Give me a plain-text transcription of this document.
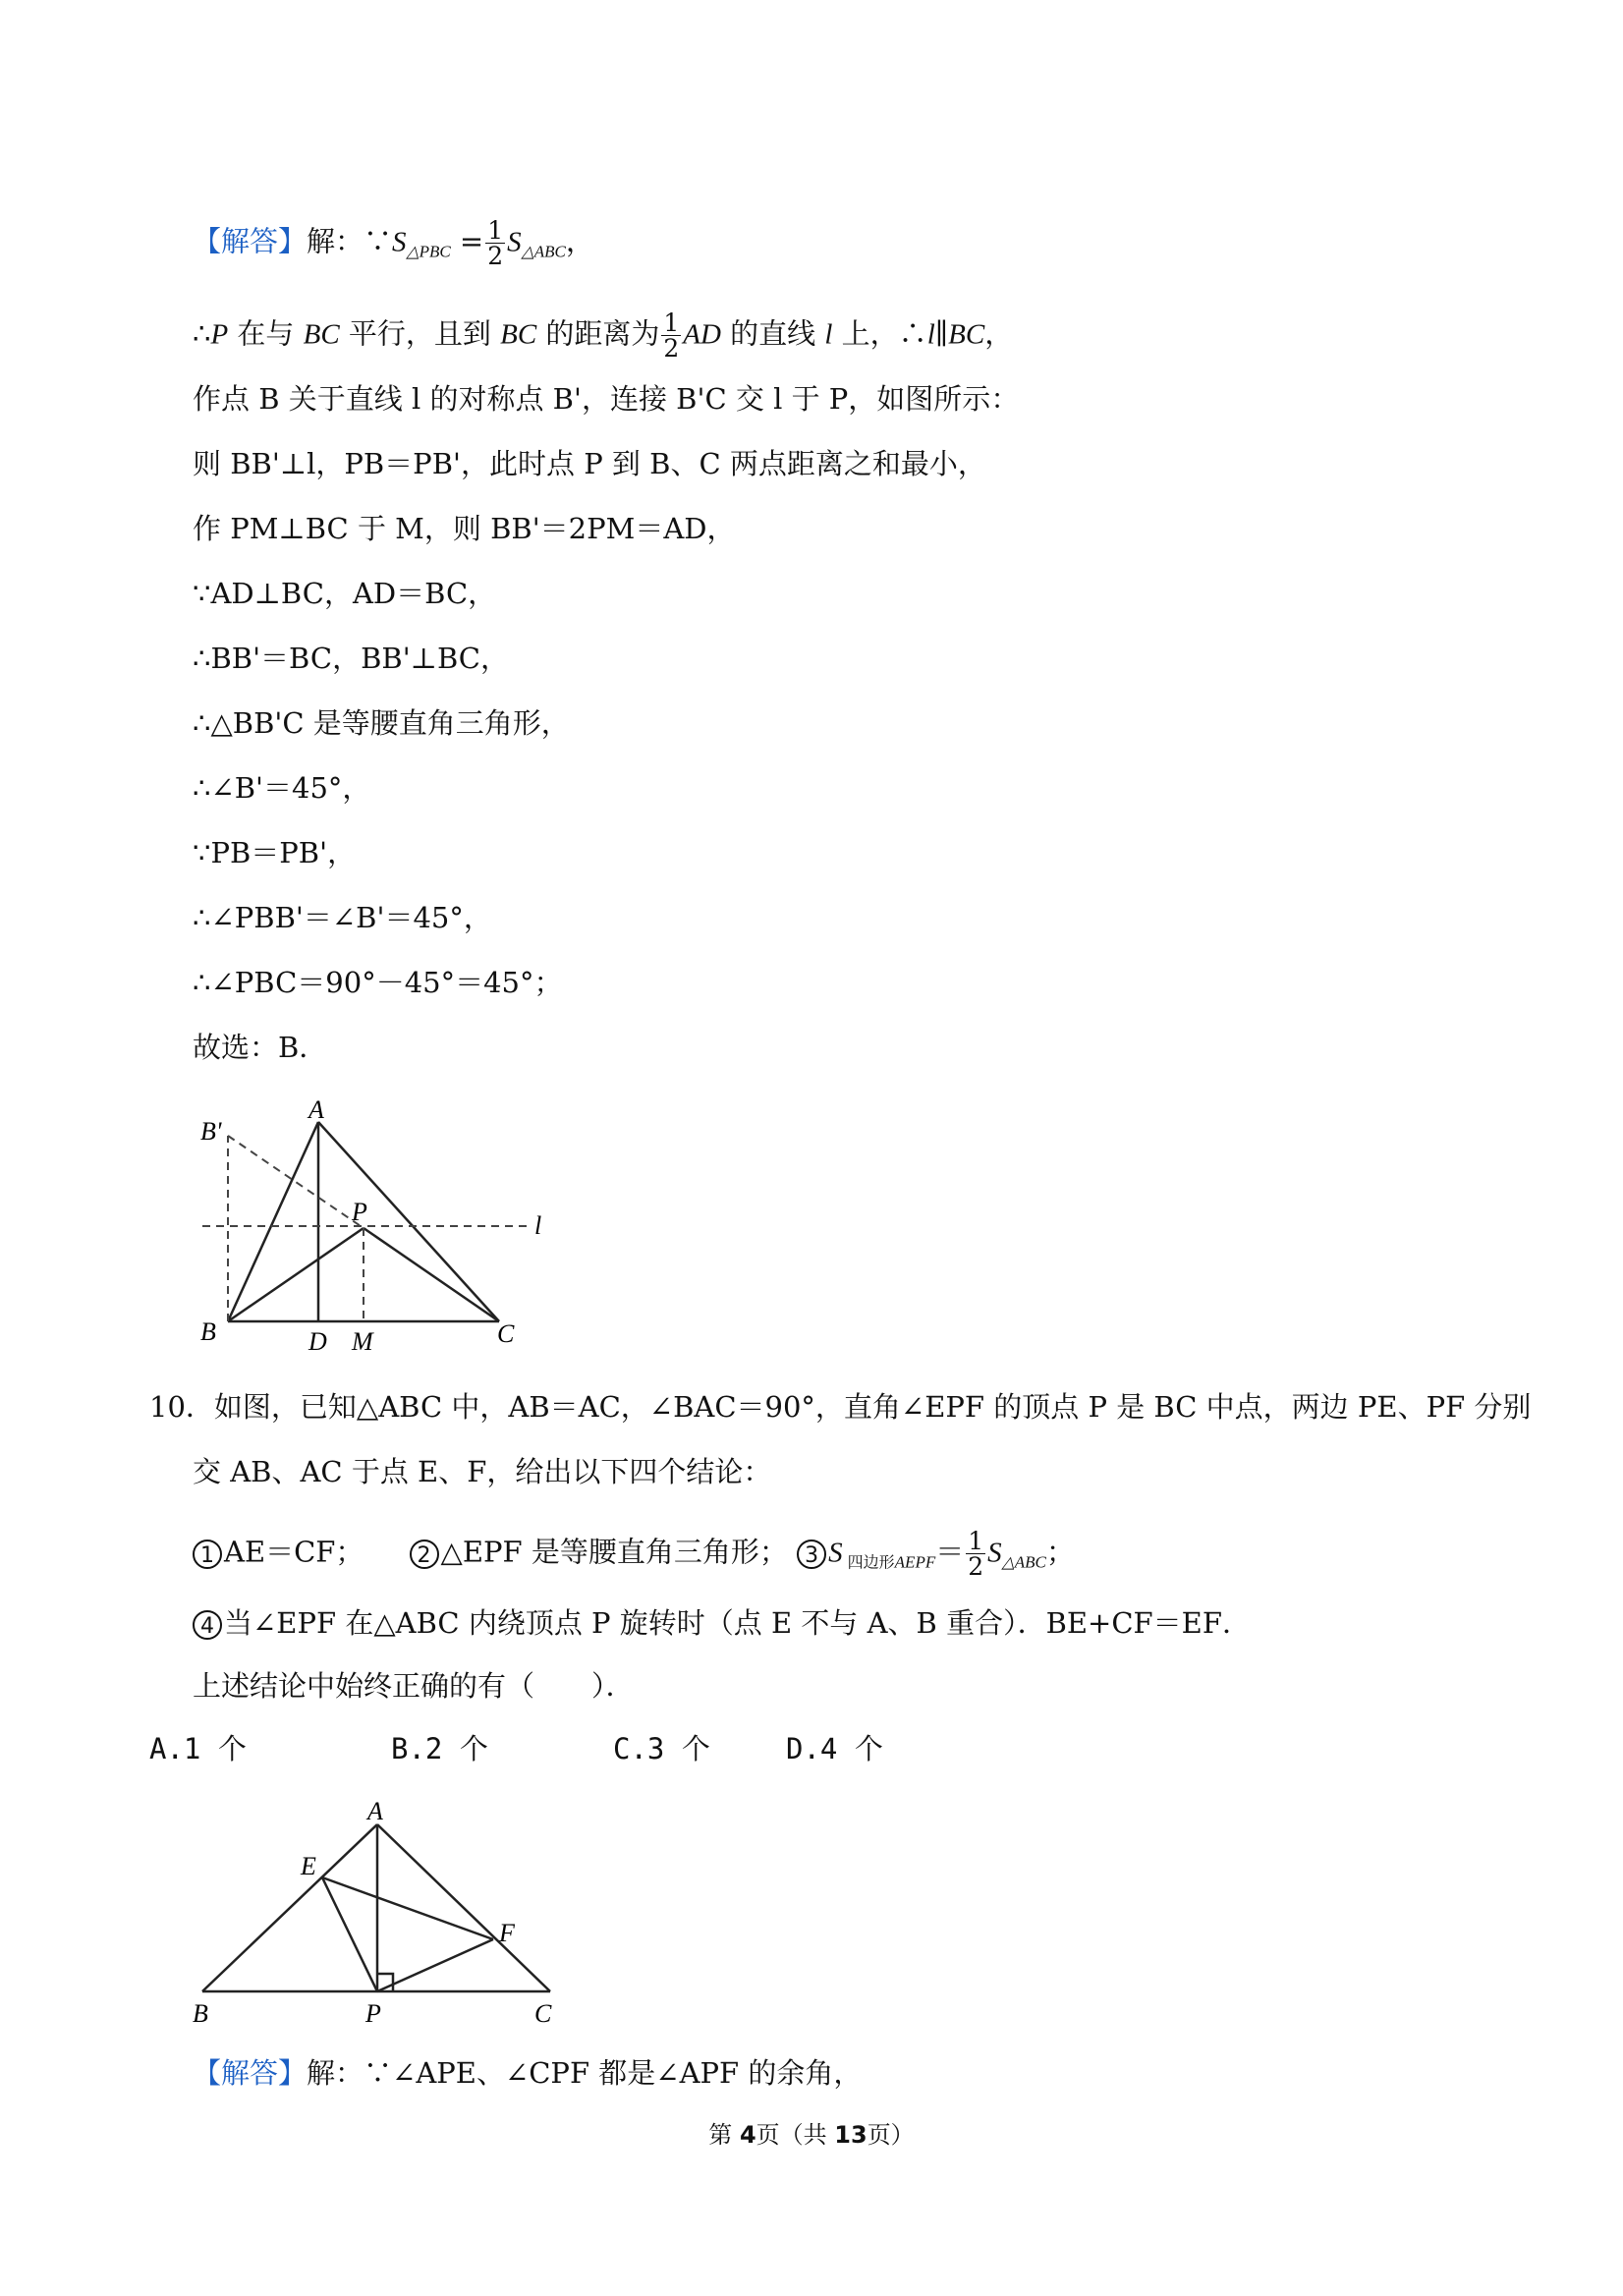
【解答】解：$\because S_{\triangle PBC} = \frac{1}{2} S_{\triangle ABC}$，
∴P 在与 BC 平行，且到 BC 的距离为 $\frac{1}{2}$ AD 的直线 l 上，∴l∥BC，
作点 B 关于直线 l 的对称点 B'，连接 B'C 交 l 于 P，如图所示：
则 BB'⊥l，PB＝PB'，此时点 P 到 B、C 两点距离之和最小，
作 PM⊥BC 于 M，则 BB'＝2PM＝AD，
∵AD⊥BC，AD＝BC，
∴BB'＝BC，BB'⊥BC，
∴△BB'C 是等腰直角三角形，
∴∠B'＝45°，
∵PB＝PB'，
∴∠PBB'＝∠B'＝45°，
∴∠PBC＝90°－45°＝45°；
故选：B．
A
B'
P	l
B	D M	C
10．如图，已知△ABC 中，AB＝AC，∠BAC＝90°，直角∠EPF 的顶点 P 是 BC 中点，两边 PE、PF 分别
交 AB、AC 于点 E、F，给出以下四个结论：
1 AE＝CF； 2 △EPF 是等腰直角三角形； 3 S $_{四边形AEPF}= \frac{1}{2} S_{\triangle ABC}$；
4 当∠EPF 在△ABC 内绕顶点 P 旋转时（点 E 不与 A、B 重合）．BE+CF＝EF．
上述结论中始终正确的有（　　）．
A.1 个	B.2 个	C.3 个	D.4 个
A
E
F
B	P	C
【解答】解：∵∠APE、∠CPF 都是∠APF 的余角，
第 4页（共 13页）
